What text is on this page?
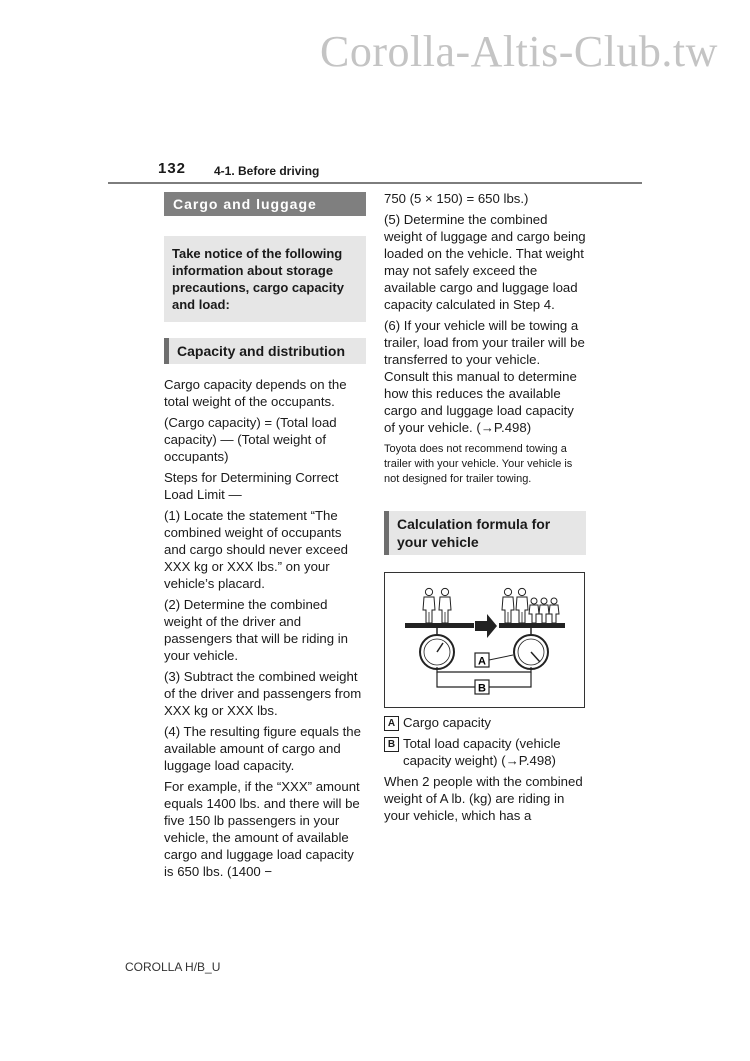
Corolla-Altis-Club.tw
132 4-1. Before driving
Cargo and luggage
Take notice of the following information about storage precautions, cargo capacity and load:
Capacity and distribution

Cargo capacity depends on the total weight of the occupants.

(Cargo capacity) = (Total load capacity) — (Total weight of occupants)

Steps for Determining Correct Load Limit —

(1) Locate the statement “The combined weight of occupants and cargo should never exceed XXX kg or XXX lbs.” on your vehicle’s placard.

(2) Determine the combined weight of the driver and passengers that will be riding in your vehicle.

(3) Subtract the combined weight of the driver and passengers from XXX kg or XXX lbs.

(4) The resulting figure equals the available amount of cargo and luggage load capacity.

For example, if the “XXX” amount equals 1400 lbs. and there will be five 150 lb passengers in your vehicle, the amount of available cargo and luggage load capacity is 650 lbs. (1400 −

750 (5 × 150) = 650 lbs.)

(5) Determine the combined weight of luggage and cargo being loaded on the vehicle. That weight may not safely exceed the available cargo and luggage load capacity calculated in Step 4.

(6) If your vehicle will be towing a trailer, load from your trailer will be transferred to your vehicle. Consult this manual to determine how this reduces the available cargo and luggage load capacity of your vehicle. (→P.498)

Toyota does not recommend towing a trailer with your vehicle. Your vehicle is not designed for trailer towing.

Calculation formula for your vehicle
A
B
A Cargo capacity
B Total load capacity (vehicle capacity weight) (→P.498)

When 2 people with the combined weight of A lb. (kg) are riding in your vehicle, which has a

COROLLA H/B_U
